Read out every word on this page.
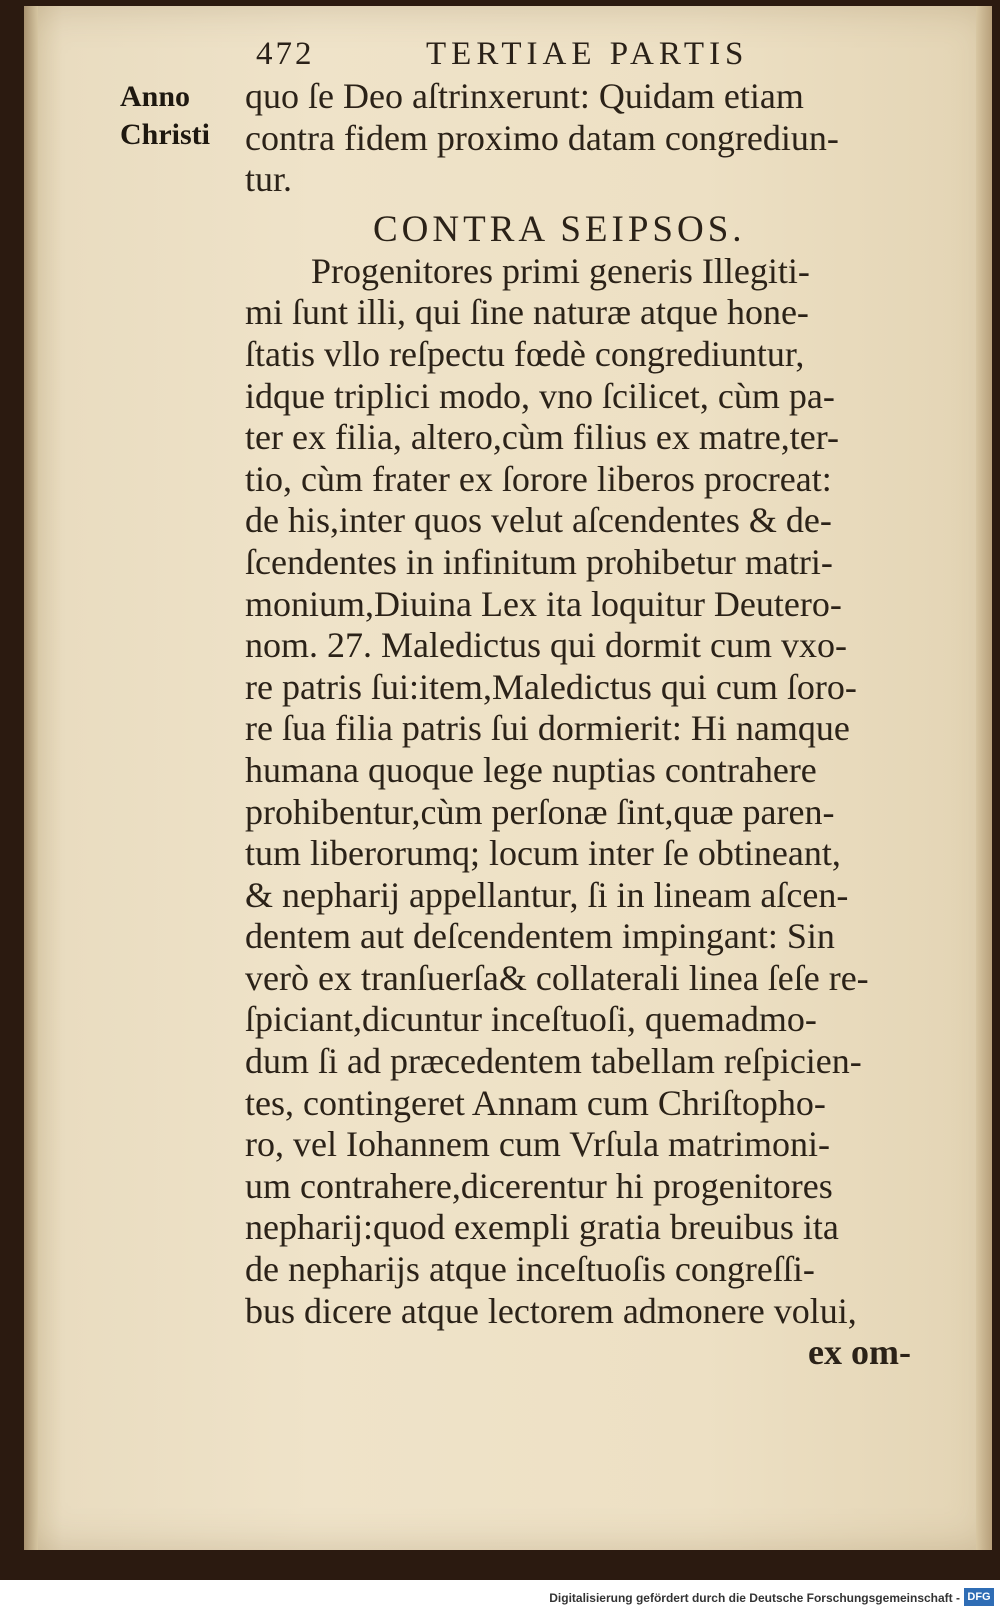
472	TERTIAE PARTIS
Anno
Christi
quo ſe Deo aſtrinxerunt: Quidam etiam
contra fidem proximo datam congrediun-
tur.
CONTRA SEIPSOS.
Progenitores primi generis Illegiti-
mi ſunt illi, qui ſine naturæ atque hone-
ſtatis vllo reſpectu fœdè congrediuntur,
idque triplici modo, vno ſcilicet, cùm pa-
ter ex filia, altero,cùm filius ex matre,ter-
tio, cùm frater ex ſorore liberos procreat:
de his,inter quos velut aſcendentes & de-
ſcendentes in infinitum prohibetur matri-
monium,Diuina Lex ita loquitur Deutero-
nom. 27. Maledictus qui dormit cum vxo-
re patris ſui:item,Maledictus qui cum ſoro-
re ſua filia patris ſui dormierit: Hi namque
humana quoque lege nuptias contrahere
prohibentur,cùm perſonæ ſint,quæ paren-
tum liberorumq; locum inter ſe obtineant,
& nepharij appellantur, ſi in lineam aſcen-
dentem aut deſcendentem impingant: Sin
verò ex tranſuerſa& collaterali linea ſeſe re-
ſpiciant,dicuntur inceſtuoſi, quemadmo-
dum ſi ad præcedentem tabellam reſpicien-
tes, contingeret Annam cum Chriſtopho-
ro, vel Iohannem cum Vrſula matrimoni-
um contrahere,dicerentur hi progenitores
nepharij:quod exempli gratia breuibus ita
de nepharijs atque inceſtuoſis congreſſi-
bus dicere atque lectorem admonere volui,
ex om-
Digitalisierung gefördert durch die Deutsche Forschungsgemeinschaft - DFG
